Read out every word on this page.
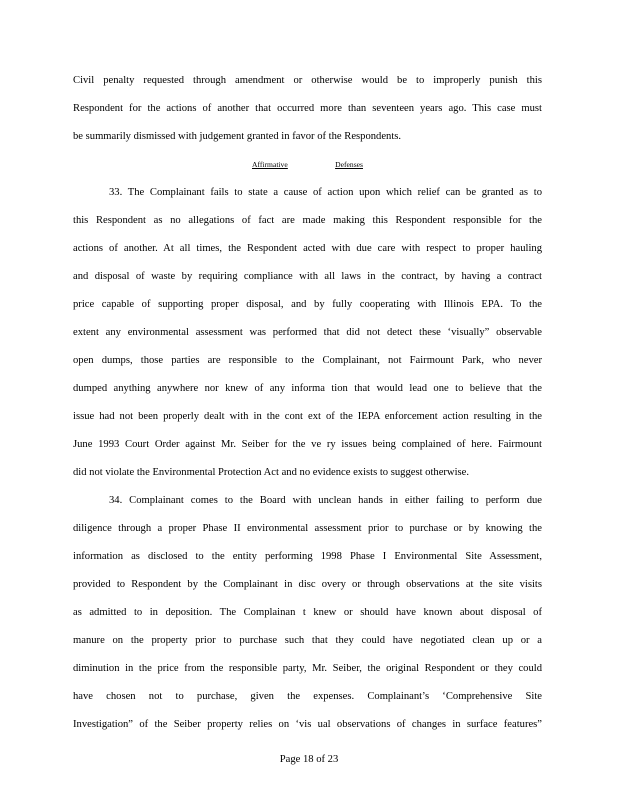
Civil penalty requested through amendment or otherwise would be to improperly punish this
Respondent for the actions of another that occurred more than seventeen years ago. This case must
be summarily dismissed with judgement granted in favor of the Respondents.
Affirmative	Defenses
33. The Complainant fails to state a cause of action upon which relief can be granted as to
this Respondent as no allegations of fact are made making this Respondent responsible for the
actions of another. At all times, the Respondent acted with due care with respect to proper hauling
and disposal of waste by requiring compliance with all laws in the contract, by having a contract
price capable of supporting proper disposal, and by fully cooperating with Illinois EPA. To the
extent any environmental assessment was performed that did not detect these ‘visually” observable
open dumps, those parties are responsible to the Complainant, not Fairmount Park, who never
dumped anything anywhere nor knew of any informa tion that would lead one to believe that the
issue had not been properly dealt with in the cont ext of the IEPA enforcement action resulting in the
June 1993 Court Order against Mr. Seiber for the ve ry issues being complained of here. Fairmount
did not violate the Environmental Protection Act and no evidence exists to suggest otherwise.
34. Complainant comes to the Board with unclean hands in either failing to perform due
diligence through a proper Phase II environmental assessment prior to purchase or by knowing the
information as disclosed to the entity performing 1998 Phase I Environmental Site Assessment,
provided to Respondent by the Complainant in disc overy or through observations at the site visits
as admitted to in deposition. The Complainan t knew or should have known about disposal of
manure on the property prior to purchase such that they could have negotiated clean up or a
diminution in the price from the responsible party, Mr. Seiber, the original Respondent or they could
have chosen not to purchase, given the expenses. Complainant’s ‘Comprehensive Site
Investigation” of the Seiber property relies on ‘vis ual observations of changes in surface features”
Page 18 of 23
